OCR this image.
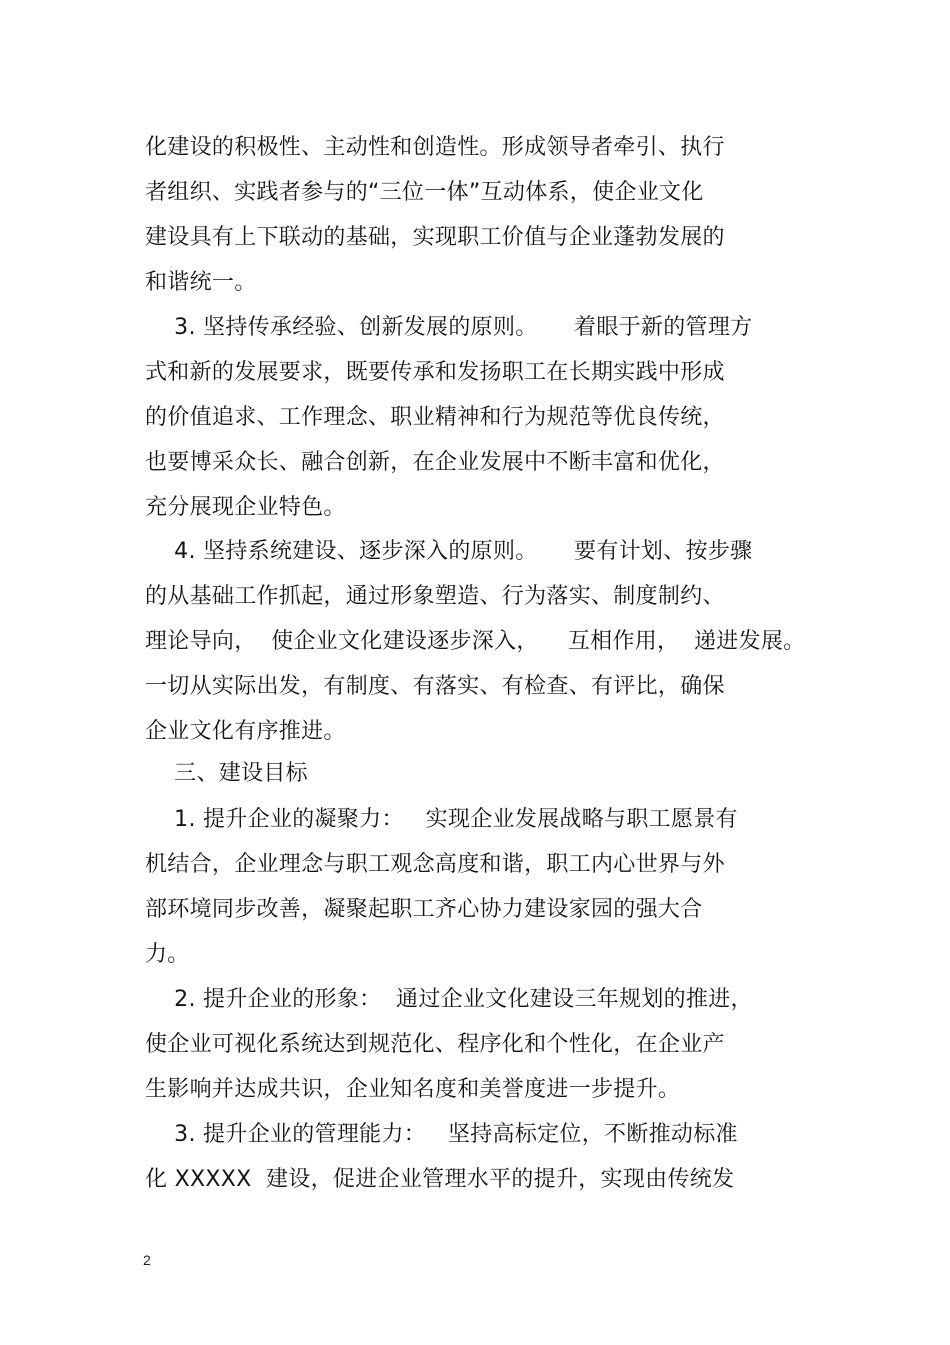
化建设的积极性、主动性和创造性。形成领导者牵引、执行
者组织、实践者参与的“三位一体”互动体系，使企业文化
建设具有上下联动的基础，实现职工价值与企业蓬勃发展的
和谐统一。
3. 坚持传承经验、创新发展的原则。     着眼于新的管理方
式和新的发展要求，既要传承和发扬职工在长期实践中形成
的价值追求、工作理念、职业精神和行为规范等优良传统，
也要博采众长、融合创新，在企业发展中不断丰富和优化，
充分展现企业特色。
4. 坚持系统建设、逐步深入的原则。     要有计划、按步骤
的从基础工作抓起，通过形象塑造、行为落实、制度制约、
理论导向，  使企业文化建设逐步深入，    互相作用，  递进发展。
一切从实际出发，有制度、有落实、有检查、有评比，确保
企业文化有序推进。
三、建设目标
1. 提升企业的凝聚力：   实现企业发展战略与职工愿景有
机结合，企业理念与职工观念高度和谐，职工内心世界与外
部环境同步改善，凝聚起职工齐心协力建设家园的强大合
力。
2. 提升企业的形象：  通过企业文化建设三年规划的推进，
使企业可视化系统达到规范化、程序化和个性化，在企业产
生影响并达成共识，企业知名度和美誉度进一步提升。
3. 提升企业的管理能力：   坚持高标定位，不断推动标准
化 XXXXX  建设，促进企业管理水平的提升，实现由传统发
2
